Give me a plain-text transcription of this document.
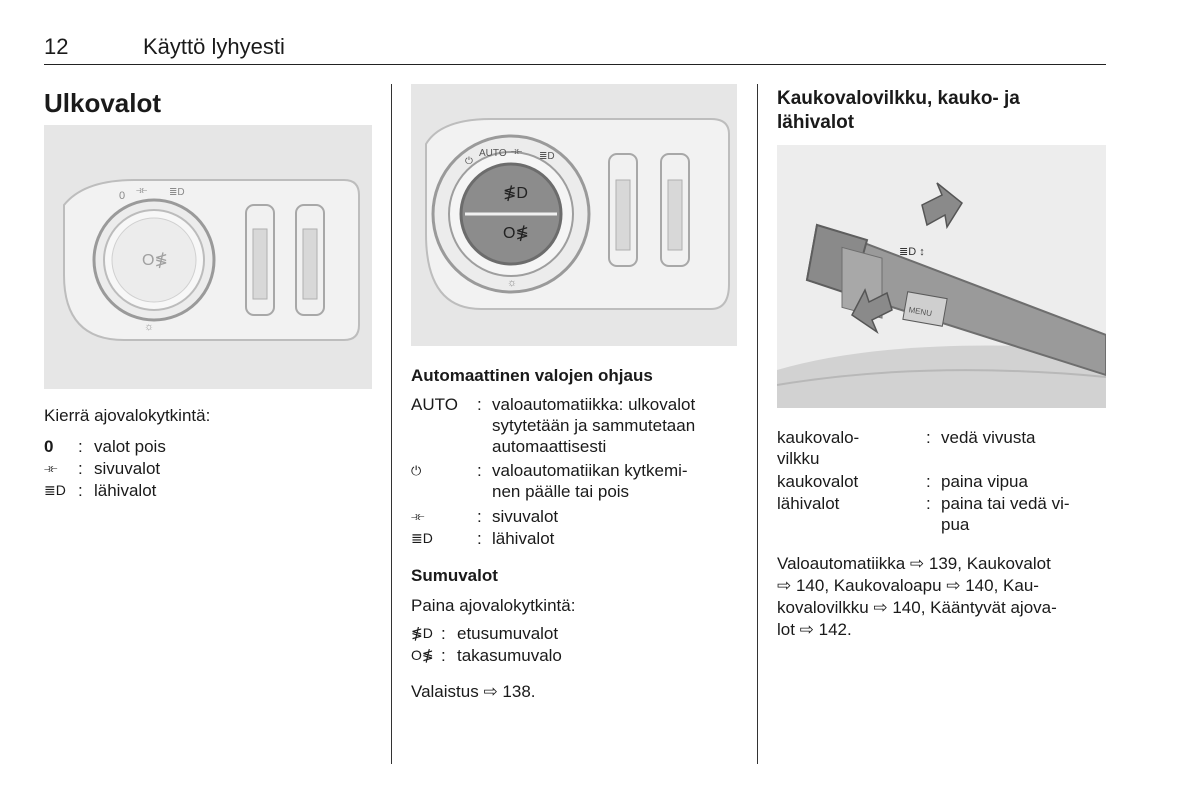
12	Käyttö lyhyesti
Ulkovalot
O≸
0 ⥽⥼ ≣D
☼
Kierrä ajovalokytkintä:
0 : valot pois
⥽⥼ : sivuvalot
≣D : lähivalot
≸D
O≸
⏻
AUTO ⥽⥼ ≣D
☼
Automaattinen valojen ohjaus
AUTO : valoautomatiikka: ulkovalot
sytytetään ja sammutetaan
automaattisesti
⏻	: valoautomatiikan kytkemi-
nen päälle tai pois
⥽⥼	: sivuvalot
≣D	: lähivalot
Sumuvalot
Paina ajovalokytkintä:
≸D : etusumuvalot
O≸ : takasumuvalo
Valaistus ⇨ 138.
Kaukovalovilkku, kauko- ja
lähivalot
MENU
≣D ↕
kaukovalo-
vilkku
: vedä vivusta
kaukovalot	: paina vipua
lähivalot	: paina tai vedä vi-
pua
Valoautomatiikka ⇨ 139, Kaukovalot
⇨ 140, Kaukovaloapu ⇨ 140, Kau-
kovalovilkku ⇨ 140, Kääntyvät ajova-
lot ⇨ 142.
